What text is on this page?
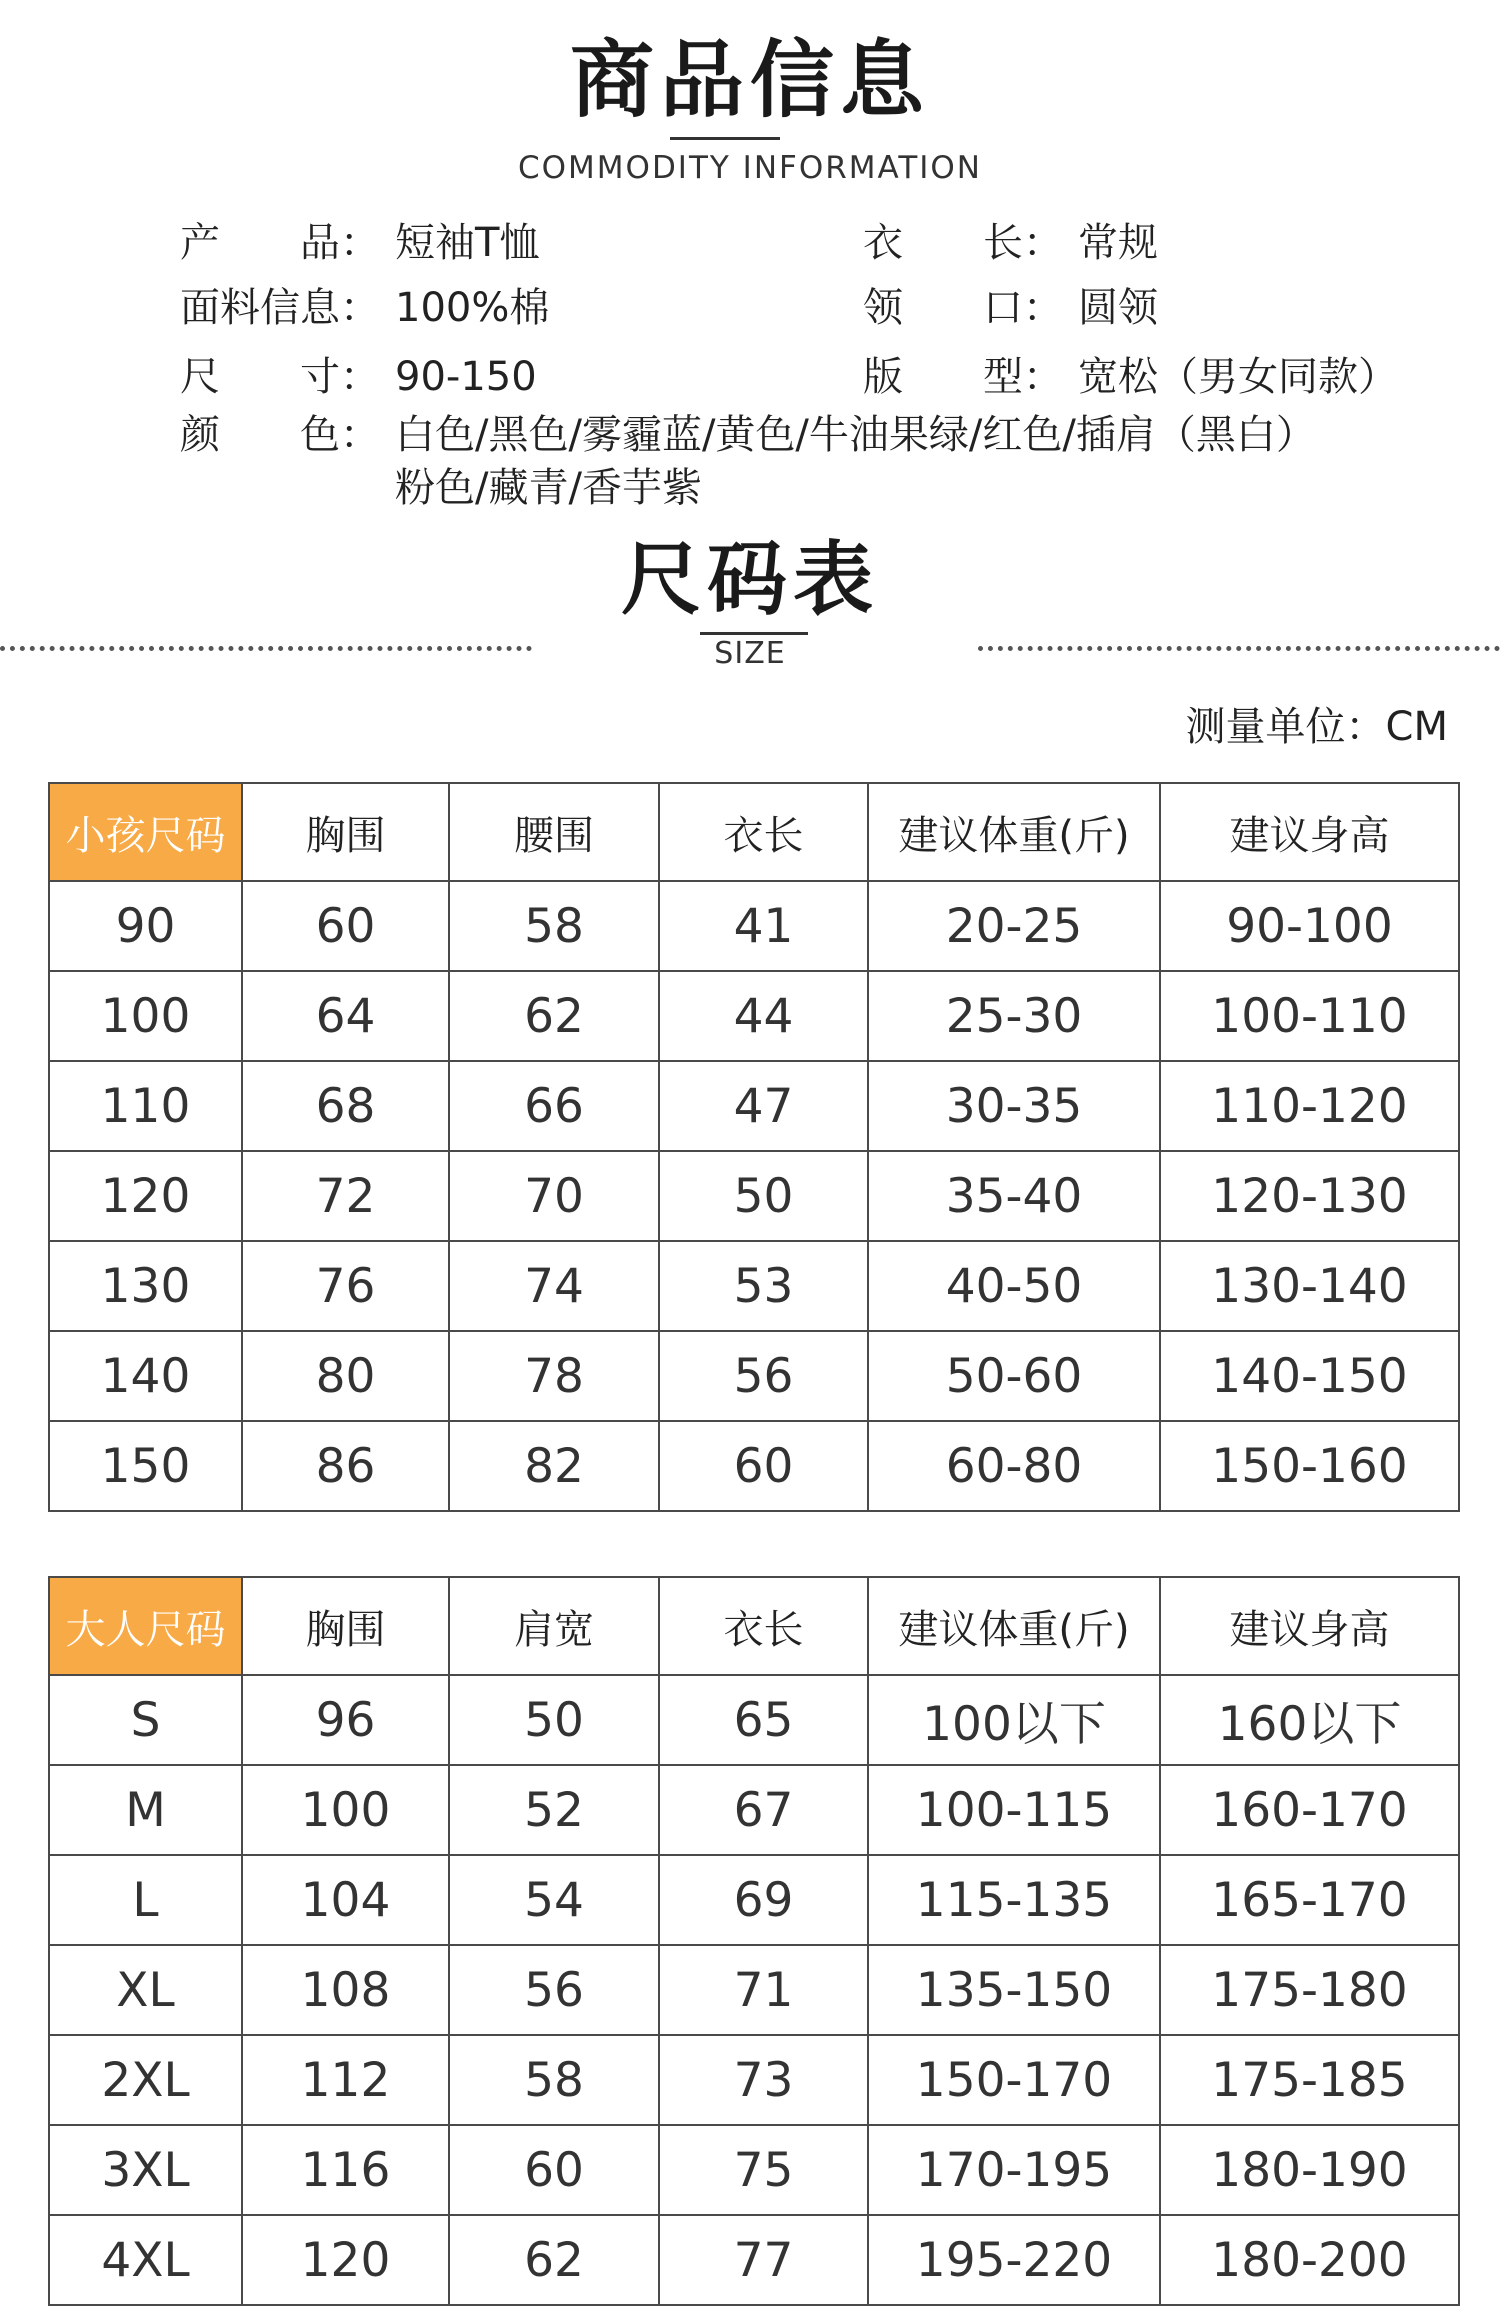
商品信息
COMMODITY INFORMATION
产　　品： 短袖T恤	衣　　长： 常规
面料信息： 100%棉	领　　口： 圆领
尺　　寸： 90-150	版　　型： 宽松（男女同款）
颜　　色： 白色/黑色/雾霾蓝/黄色/牛油果绿/红色/插肩（黑白）
粉色/藏青/香芋紫
尺码表
SIZE
测量单位：CM
小孩尺码	胸围	腰围	衣长	建议体重(斤)	建议身高
90	60	58	41	20-25	90-100
100	64	62	44	25-30	100-110
110	68	66	47	30-35	110-120
120	72	70	50	35-40	120-130
130	76	74	53	40-50	130-140
140	80	78	56	50-60	140-150
150	86	82	60	60-80	150-160
大人尺码	胸围	肩宽	衣长	建议体重(斤)	建议身高
S	96	50	65	100以下	160以下
M	100	52	67	100-115	160-170
L	104	54	69	115-135	165-170
XL	108	56	71	135-150	175-180
2XL	112	58	73	150-170	175-185
3XL	116	60	75	170-195	180-190
4XL	120	62	77	195-220	180-200
